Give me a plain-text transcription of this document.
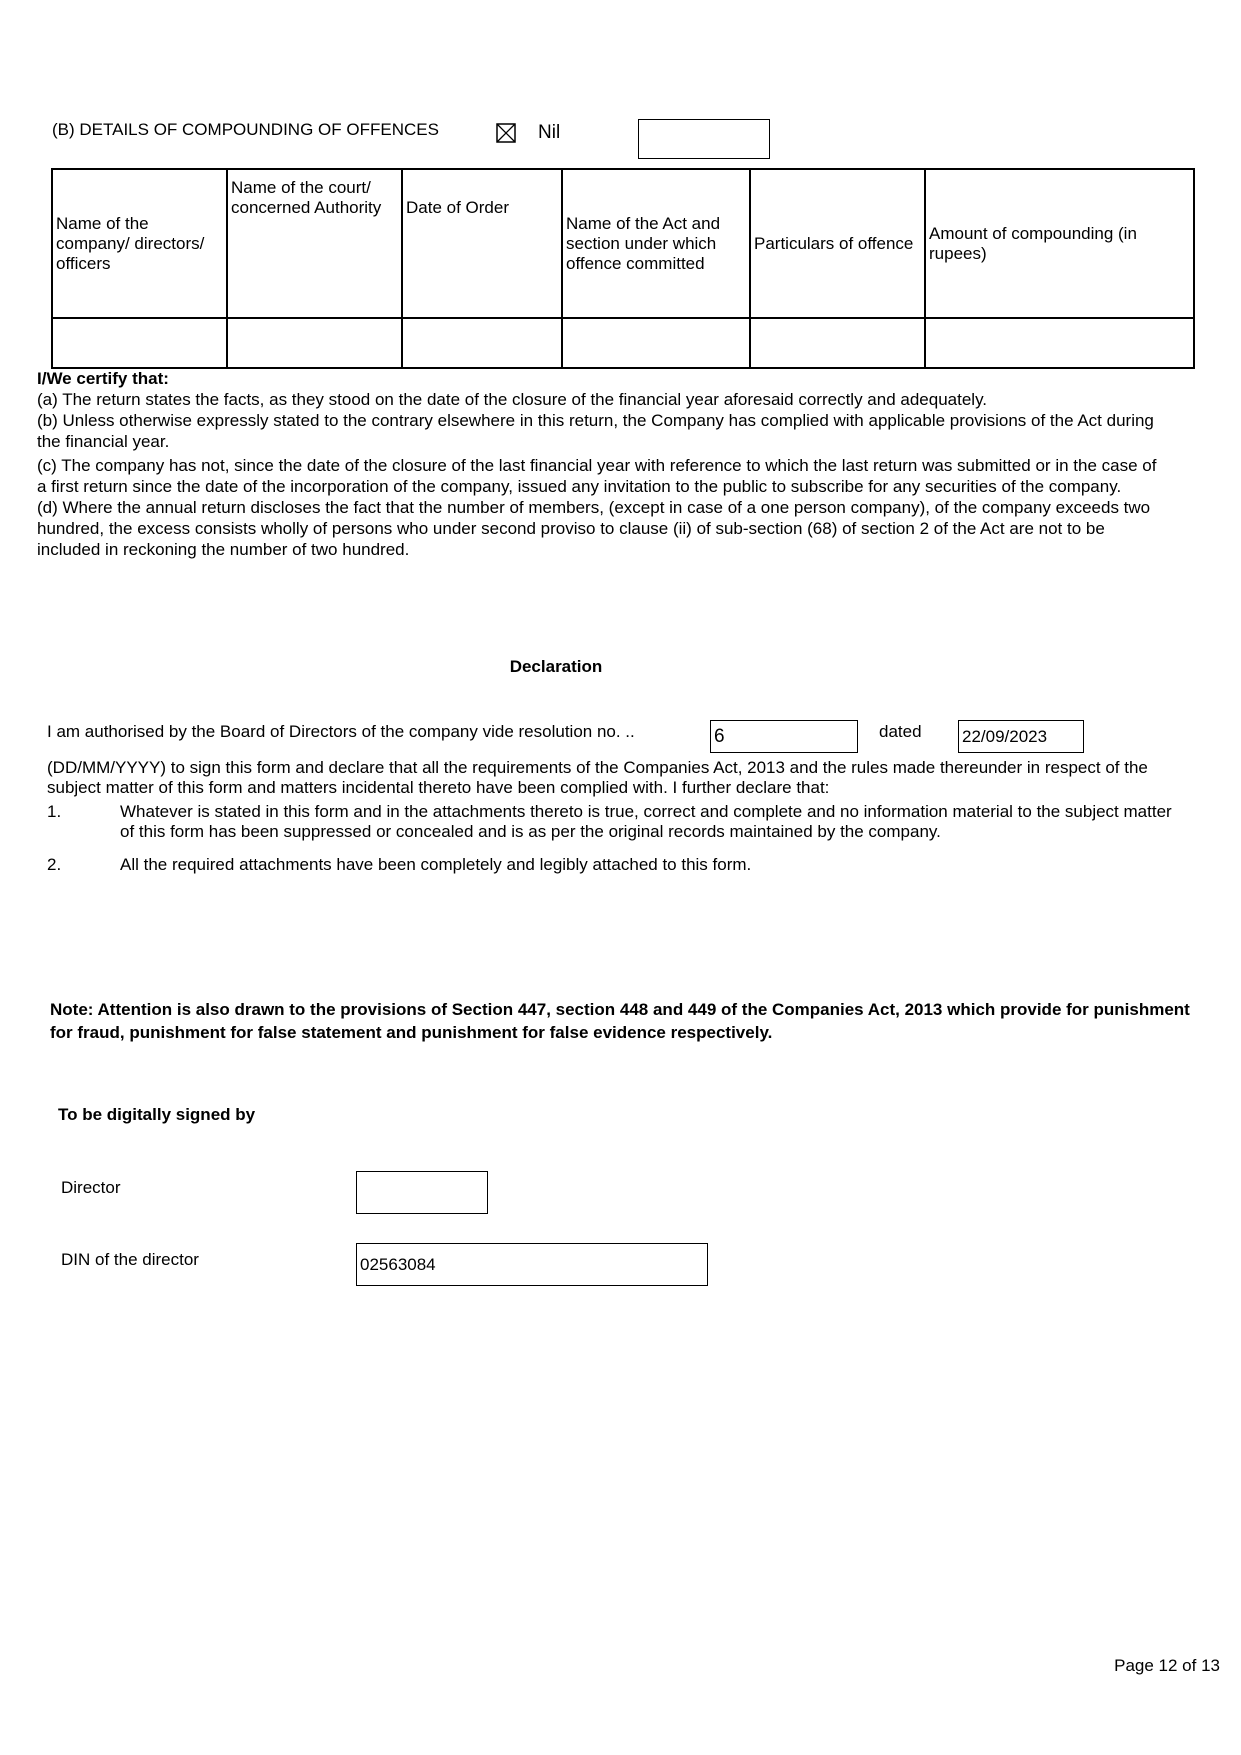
(B) DETAILS OF COMPOUNDING OF OFFENCES	Nil
Name of the company/ directors/ officers	Name of the court/ concerned Authority	Date of Order	Name of the Act and section under which offence committed	Particulars of offence	Amount of compounding (in rupees)

I/We certify that:

(a) The return states the facts, as they stood on the date of the closure of the financial year aforesaid correctly and adequately.

(b) Unless otherwise expressly stated to the contrary elsewhere in this return, the Company has complied with applicable provisions of the Act during the financial year.

(c) The company has not, since the date of the closure of the last financial year with reference to which the last return was submitted or in the case of a first return since the date of the incorporation of the company, issued any invitation to the public to subscribe for any securities of the company.

(d) Where the annual return discloses the fact that the number of members, (except in case of a one person company), of the company exceeds two hundred, the excess consists wholly of persons who under second proviso to clause (ii) of sub-section (68) of section 2 of the Act are not to be included in reckoning the number of two hundred.

Declaration
I am authorised by the Board of Directors of the company vide resolution no. ..	6	dated 22/09/2023
(DD/MM/YYYY) to sign this form and declare that all the requirements of the Companies Act, 2013 and the rules made thereunder in respect of the subject matter of this form and matters incidental thereto have been complied with. I further declare that:
1.	Whatever is stated in this form and in the attachments thereto is true, correct and complete and no information material to the subject matter of this form has been suppressed or concealed and is as per the original records maintained by the company.
2.	All the required attachments have been completely and legibly attached to this form.
Note: Attention is also drawn to the provisions of Section 447, section 448 and 449 of the Companies Act, 2013 which provide for punishment for fraud, punishment for false statement and punishment for false evidence respectively.
To be digitally signed by
Director
DIN of the director	02563084
Page 12 of 13
